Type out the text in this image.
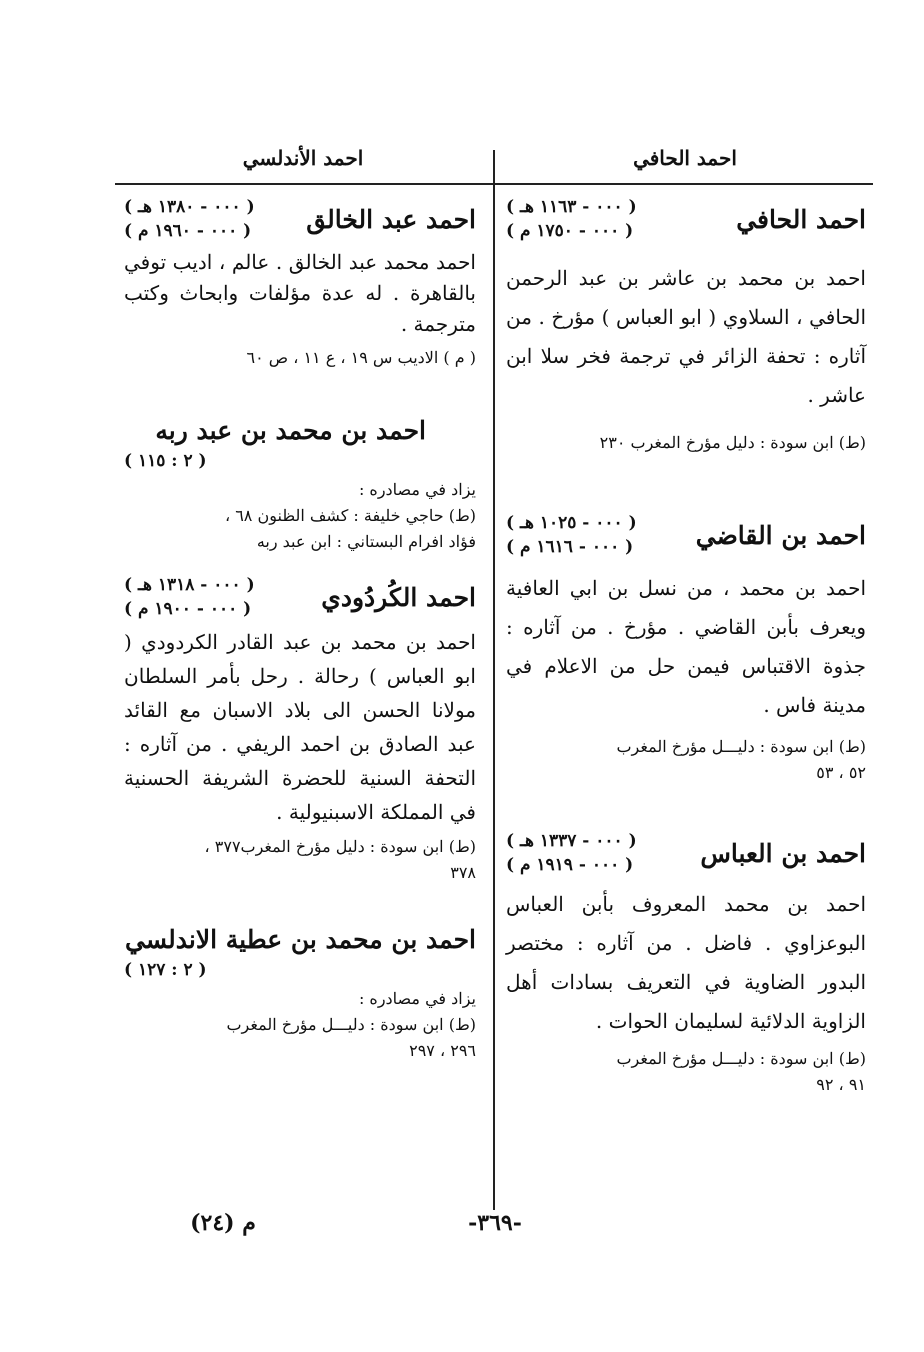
احمد الحافي
احمد الأندلسي
احمد الحافي
( ٠٠٠ - ١١٦٣ هـ )
( ٠٠٠ - ١٧٥٠ م )
احمد بن محمد بن عاشر بن عبد الرحمن الحافي ، السلاوي ( ابو العباس ) مؤرخ . من آثاره : تحفة الزائر في ترجمة فخر سلا ابن عاشر .
(ط) ابن سودة : دليل مؤرخ المغرب ٢٣٠
احمد بن القاضي
( ٠٠٠ - ١٠٢٥ هـ )
( ٠٠٠ - ١٦١٦ م )
احمد بن محمد ، من نسل بن ابي العافية ويعرف بأبن القاضي . مؤرخ . من آثاره : جذوة الاقتباس فيمن حل من الاعلام في مدينة فاس .
(ط) ابن سودة : دليـــل مؤرخ المغرب
٥٢ ، ٥٣
احمد بن العباس
( ٠٠٠ - ١٣٣٧ هـ )
( ٠٠٠ - ١٩١٩ م )
احمد بن محمد المعروف بأبن العباس البوعزاوي . فاضل . من آثاره : مختصر البدور الضاوية في التعريف بسادات أهل الزاوية الدلائية لسليمان الحوات .
(ط) ابن سودة : دليـــل مؤرخ المغرب
٩١ ، ٩٢
احمد عبد الخالق
( ٠٠٠ - ١٣٨٠ هـ )
( ٠٠٠ - ١٩٦٠ م )
احمد محمد عبد الخالق . عالم ، اديب توفي بالقاهرة . له عدة مؤلفات وابحاث وكتب مترجمة .
( م ) الاديب س ١٩ ، ع ١١ ، ص ٦٠
احمد بن محمد بن عبد ربه
( ٢ : ١١٥ )
يزاد في مصادره :
(ط) حاجي خليفة : كشف الظنون ٦٨ ،
فؤاد افرام البستاني : ابن عبد ربه
احمد الكُردُودي
( ٠٠٠ - ١٣١٨ هـ )
( ٠٠٠ - ١٩٠٠ م )
احمد بن محمد بن عبد القادر الكردودي ( ابو العباس ) رحالة . رحل بأمر السلطان مولانا الحسن الى بلاد الاسبان مع القائد عبد الصادق بن احمد الريفي . من آثاره : التحفة السنية للحضرة الشريفة الحسنية في المملكة الاسبنيولية .
(ط) ابن سودة : دليل مؤرخ المغرب٣٧٧ ،
٣٧٨
احمد بن محمد بن عطية الاندلسي
( ٢ : ١٢٧ )
يزاد في مصادره :
(ط) ابن سودة : دليـــل مؤرخ المغرب
٢٩٦ ، ٢٩٧
-٣٦٩-
م (٢٤)
